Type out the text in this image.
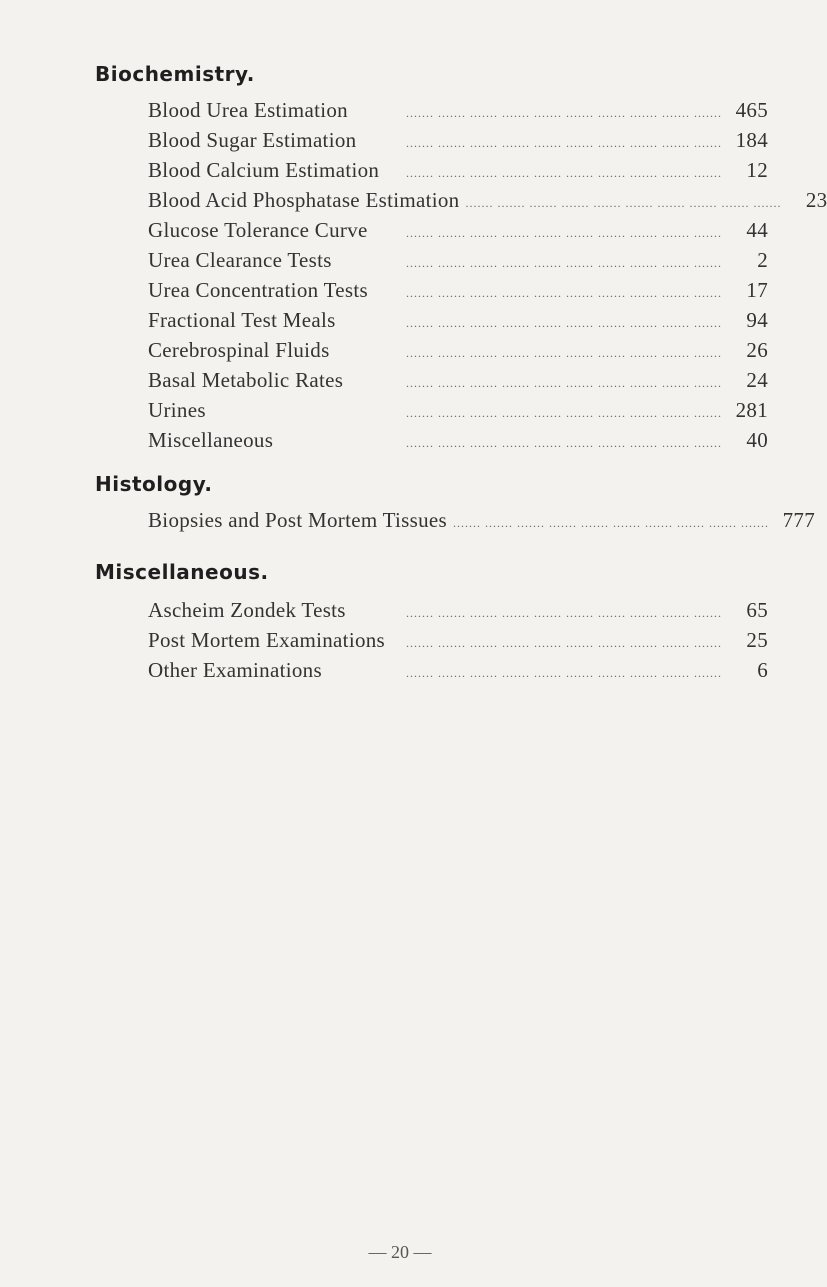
Biochemistry.
Blood Urea Estimation	....... ....... ....... ....... ....... ....... ....... ....... ....... ....... 465
Blood Sugar Estimation	....... ....... ....... ....... ....... ....... ....... ....... ....... ....... 184
Blood Calcium Estimation	....... ....... ....... ....... ....... ....... ....... ....... ....... .......	12
Blood Acid Phosphatase Estimation ....... ....... ....... ....... ....... ....... ....... ....... ....... .......	23
Glucose Tolerance Curve	....... ....... ....... ....... ....... ....... ....... ....... ....... .......	44
Urea Clearance Tests	....... ....... ....... ....... ....... ....... ....... ....... ....... .......	2
Urea Concentration Tests	....... ....... ....... ....... ....... ....... ....... ....... ....... .......	17
Fractional Test Meals	....... ....... ....... ....... ....... ....... ....... ....... ....... .......	94
Cerebrospinal Fluids	....... ....... ....... ....... ....... ....... ....... ....... ....... .......	26
Basal Metabolic Rates	....... ....... ....... ....... ....... ....... ....... ....... ....... .......	24
Urines	....... ....... ....... ....... ....... ....... ....... ....... ....... ....... 281
Miscellaneous	....... ....... ....... ....... ....... ....... ....... ....... ....... .......	40
Histology.
Biopsies and Post Mortem Tissues ....... ....... ....... ....... ....... ....... ....... ....... ....... ....... 777
Miscellaneous.
Ascheim Zondek Tests	....... ....... ....... ....... ....... ....... ....... ....... ....... .......	65
Post Mortem Examinations	....... ....... ....... ....... ....... ....... ....... ....... ....... .......	25
Other Examinations	....... ....... ....... ....... ....... ....... ....... ....... ....... .......	6
— 20 —
